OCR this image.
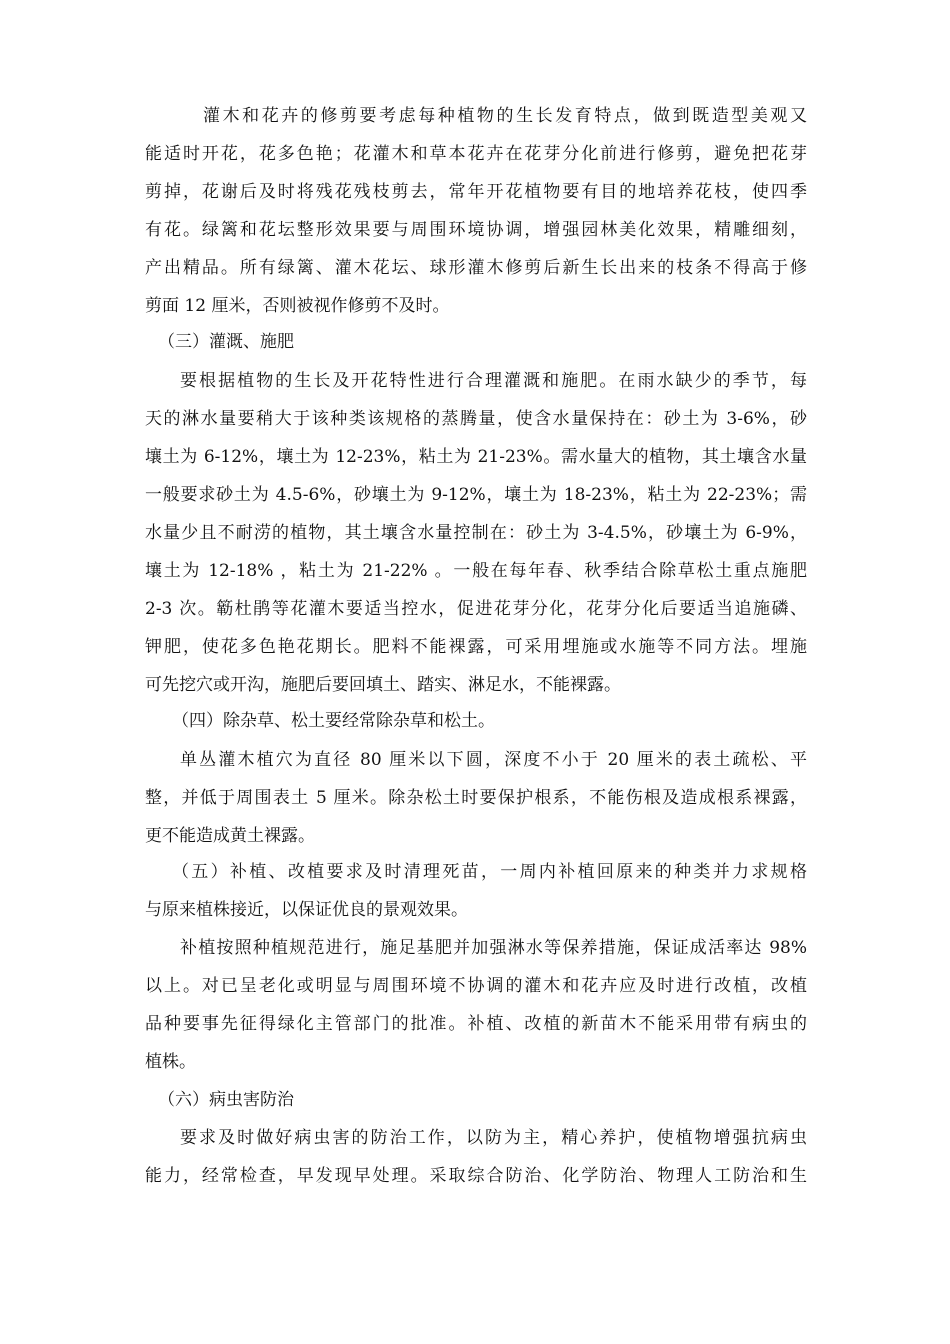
灌木和花卉的修剪要考虑每种植物的生长发育特点，做到既造型美观又
能适时开花，花多色艳；花灌木和草本花卉在花芽分化前进行修剪，避免把花芽
剪掉，花谢后及时将残花残枝剪去，常年开花植物要有目的地培养花枝，使四季
有花。绿篱和花坛整形效果要与周围环境协调，增强园林美化效果，精雕细刻，
产出精品。所有绿篱、灌木花坛、球形灌木修剪后新生长出来的枝条不得高于修
剪面 12 厘米，否则被视作修剪不及时。
（三）灌溉、施肥
要根据植物的生长及开花特性进行合理灌溉和施肥。在雨水缺少的季节，每
天的淋水量要稍大于该种类该规格的蒸腾量，使含水量保持在：砂土为 3-6%，砂
壤土为 6-12%，壤土为 12-23%，粘土为 21-23%。需水量大的植物，其土壤含水量
一般要求砂土为 4.5-6%，砂壤土为 9-12%，壤土为 18-23%，粘土为 22-23%；需
水量少且不耐涝的植物，其土壤含水量控制在：砂土为 3-4.5%，砂壤土为 6-9%，
壤土为 12-18% ，粘土为 21-22% 。一般在每年春、秋季结合除草松土重点施肥
2-3 次。簕杜鹃等花灌木要适当控水，促进花芽分化，花芽分化后要适当追施磷、
钾肥，使花多色艳花期长。肥料不能裸露，可采用埋施或水施等不同方法。埋施
可先挖穴或开沟，施肥后要回填土、踏实、淋足水，不能裸露。
（四）除杂草、松土要经常除杂草和松土。
单丛灌木植穴为直径 80 厘米以下圆，深度不小于 20 厘米的表土疏松、平
整，并低于周围表土 5 厘米。除杂松土时要保护根系，不能伤根及造成根系裸露，
更不能造成黄土裸露。
（五）补植、改植要求及时清理死苗，一周内补植回原来的种类并力求规格
与原来植株接近，以保证优良的景观效果。
补植按照种植规范进行，施足基肥并加强淋水等保养措施，保证成活率达 98%
以上。对已呈老化或明显与周围环境不协调的灌木和花卉应及时进行改植，改植
品种要事先征得绿化主管部门的批准。补植、改植的新苗木不能采用带有病虫的
植株。
（六）病虫害防治
要求及时做好病虫害的防治工作，以防为主，精心养护，使植物增强抗病虫
能力，经常检查，早发现早处理。采取综合防治、化学防治、物理人工防治和生
